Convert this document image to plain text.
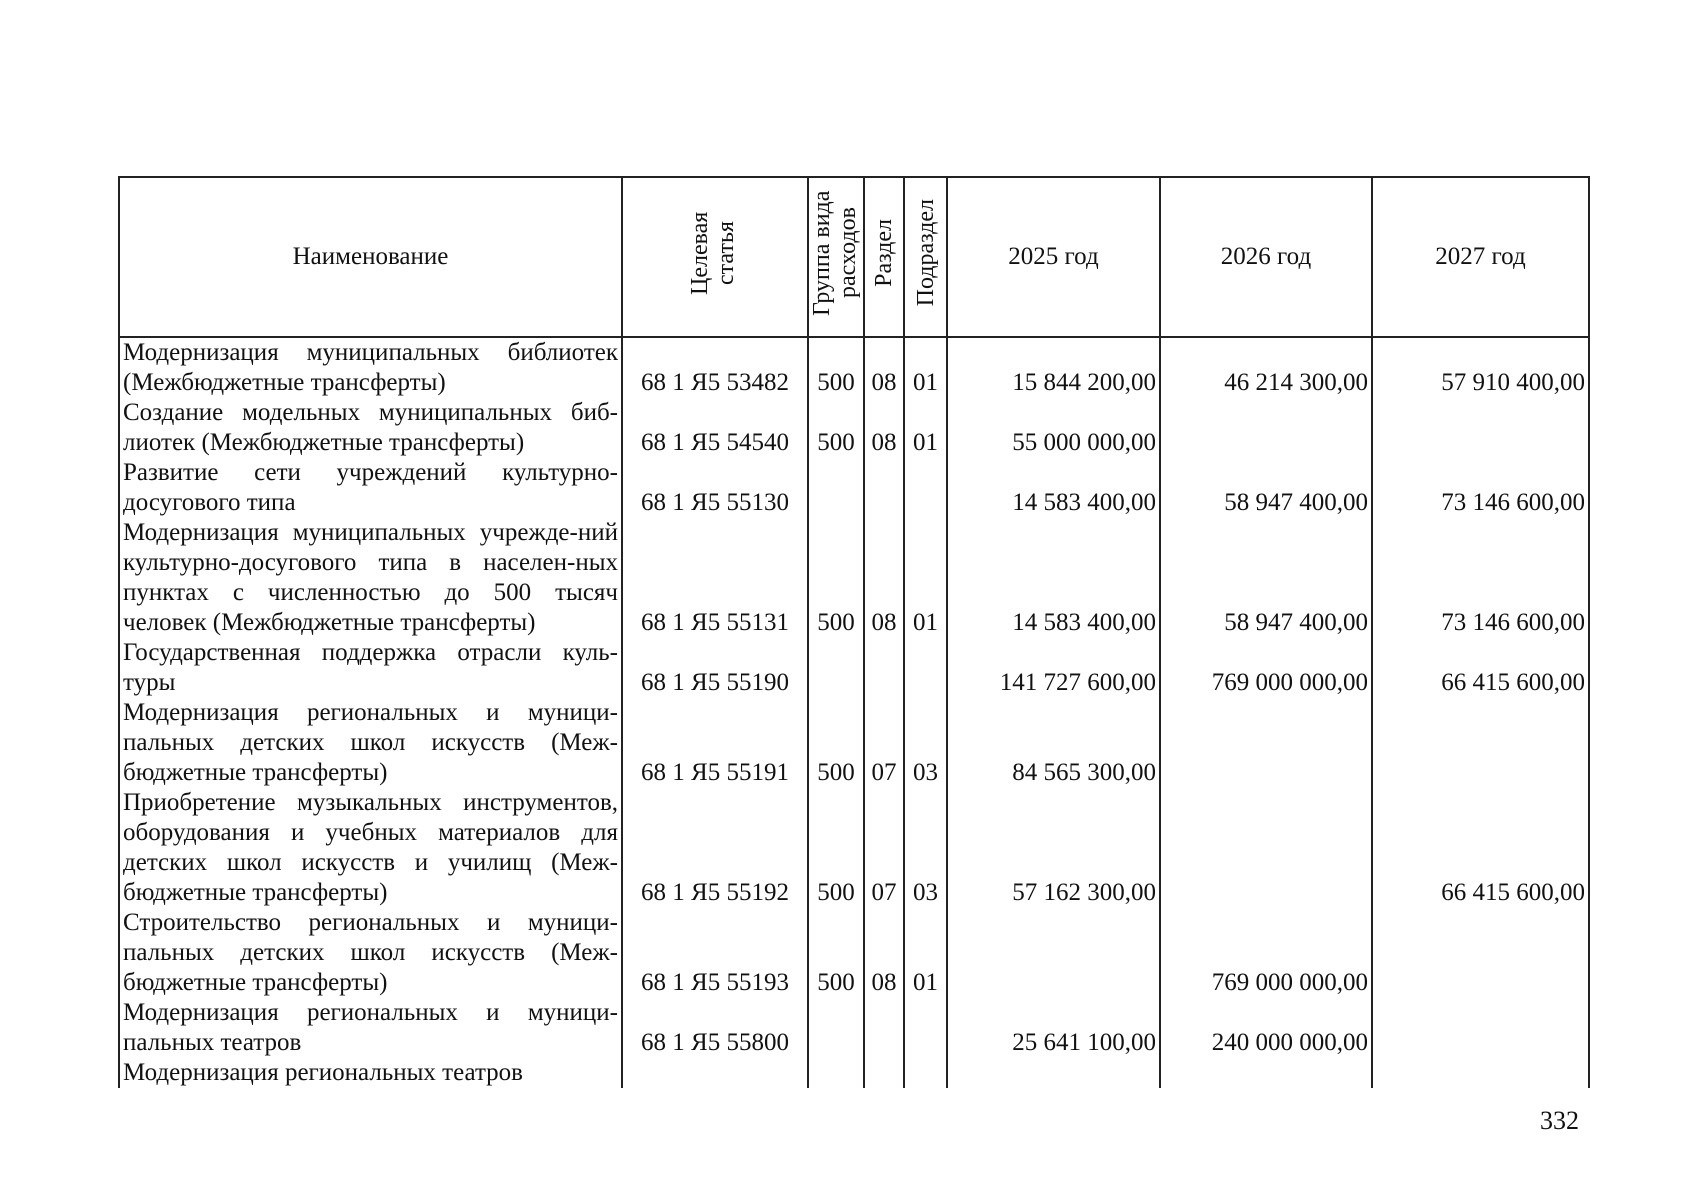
Наименование	Целевая статья	Группа вида расходов	Раздел	Подраздел	2025 год	2026 год	2027 год
Модернизация муниципальных библиотек (Межбюджетные трансферты)	68 1 Я5 53482	500	08	01	15 844 200,00	46 214 300,00	57 910 400,00
Создание модельных муниципальных биб-лиотек (Межбюджетные трансферты)	68 1 Я5 54540	500	08	01	55 000 000,00		
Развитие сети учреждений культурно-досугового типа	68 1 Я5 55130				14 583 400,00	58 947 400,00	73 146 600,00
Модернизация муниципальных учрежде-ний культурно-досугового типа в населен-ных пунктах с численностью до 500 тысяч человек (Межбюджетные трансферты)	68 1 Я5 55131	500	08	01	14 583 400,00	58 947 400,00	73 146 600,00
Государственная поддержка отрасли куль-туры	68 1 Я5 55190				141 727 600,00	769 000 000,00	66 415 600,00
Модернизация региональных и муници-пальных детских школ искусств (Меж-бюджетные трансферты)	68 1 Я5 55191	500	07	03	84 565 300,00		
Приобретение музыкальных инструментов, оборудования и учебных материалов для детских школ искусств и училищ (Меж-бюджетные трансферты)	68 1 Я5 55192	500	07	03	57 162 300,00		66 415 600,00
Строительство региональных и муници-пальных детских школ искусств (Меж-бюджетные трансферты)	68 1 Я5 55193	500	08	01		769 000 000,00	
Модернизация региональных и муници-пальных театров	68 1 Я5 55800				25 641 100,00	240 000 000,00	
Модернизация региональных театров							
332
